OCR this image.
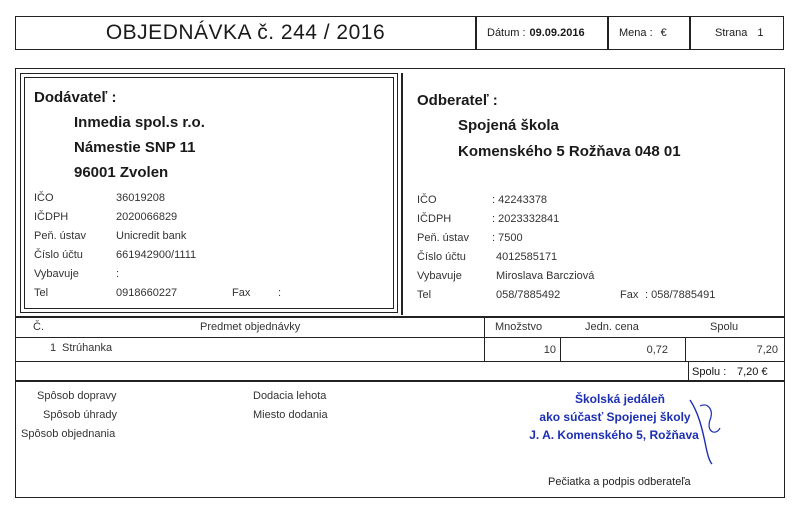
OBJEDNÁVKA č. 244 / 2016	Dátum : 09.09.2016	Mena : €	Strana 1
Dodávateľ :
Inmedia spol.s r.o.
Námestie SNP 11
96001 Zvolen
IČO	36019208
IČDPH	2020066829
Peň. ústav	Unicredit bank
Číslo účtu	661942900/1111
Vybavuje	:
Tel	0918660227	Fax	:
Odberateľ :
Spojená škola
Komenského 5 Rožňava 048 01
IČO	: 42243378
IČDPH	: 2023332841
Peň. ústav : 7500
Číslo účtu	4012585171
Vybavuje	Miroslava Barcziová
Tel	058/7885492	Fax : 058/7885491
Č.	Predmet objednávky	Množstvo	Jedn. cena	Spolu
1 Strúhanka	10	0,72	7,20
Spolu : 7,20 €
Spôsob dopravy
Spôsob úhrady
Spôsob objednania
Dodacia lehota
Miesto dodania
Školská jedáleň
ako súčasť Spojenej školy
J. A. Komenského 5, Rožňava
Pečiatka a podpis odberateľa
